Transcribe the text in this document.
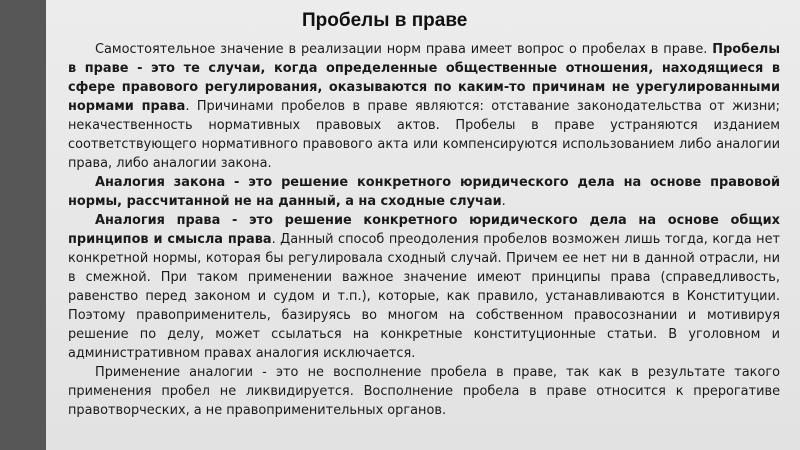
Пробелы в праве

Самостоятельное значение в реализации норм права имеет вопрос о пробелах в праве. Пробелы в праве - это те случаи, когда определенные общественные отношения, находящиеся в сфере правового регулирования, оказываются по каким-то причинам не урегулированными нормами права. Причинами пробелов в праве являются: отставание законодательства от жизни; некачественность нормативных правовых актов. Пробелы в праве устраняются изданием соответствующего нормативного правового акта или компенсируются использованием либо аналогии права, либо аналогии закона.

Аналогия закона - это решение конкретного юридического дела на основе правовой нормы, рассчитанной не на данный, а на сходные случаи.

Аналогия права - это решение конкретного юридического дела на основе общих принципов и смысла права. Данный способ преодоления пробелов возможен лишь тогда, когда нет конкретной нормы, которая бы регулировала сходный случай. Причем ее нет ни в данной отрасли, ни в смежной. При таком применении важное значение имеют принципы права (справедливость, равенство перед законом и судом и т.п.), которые, как правило, устанавливаются в Конституции. Поэтому правоприменитель, базируясь во многом на собственном правосознании и мотивируя решение по делу, может ссылаться на конкретные конституционные статьи. В уголовном и административном правах аналогия исключается.

Применение аналогии - это не восполнение пробела в праве, так как в результате такого применения пробел не ликвидируется. Восполнение пробела в праве относится к прерогативе правотворческих, а не правоприменительных органов.
